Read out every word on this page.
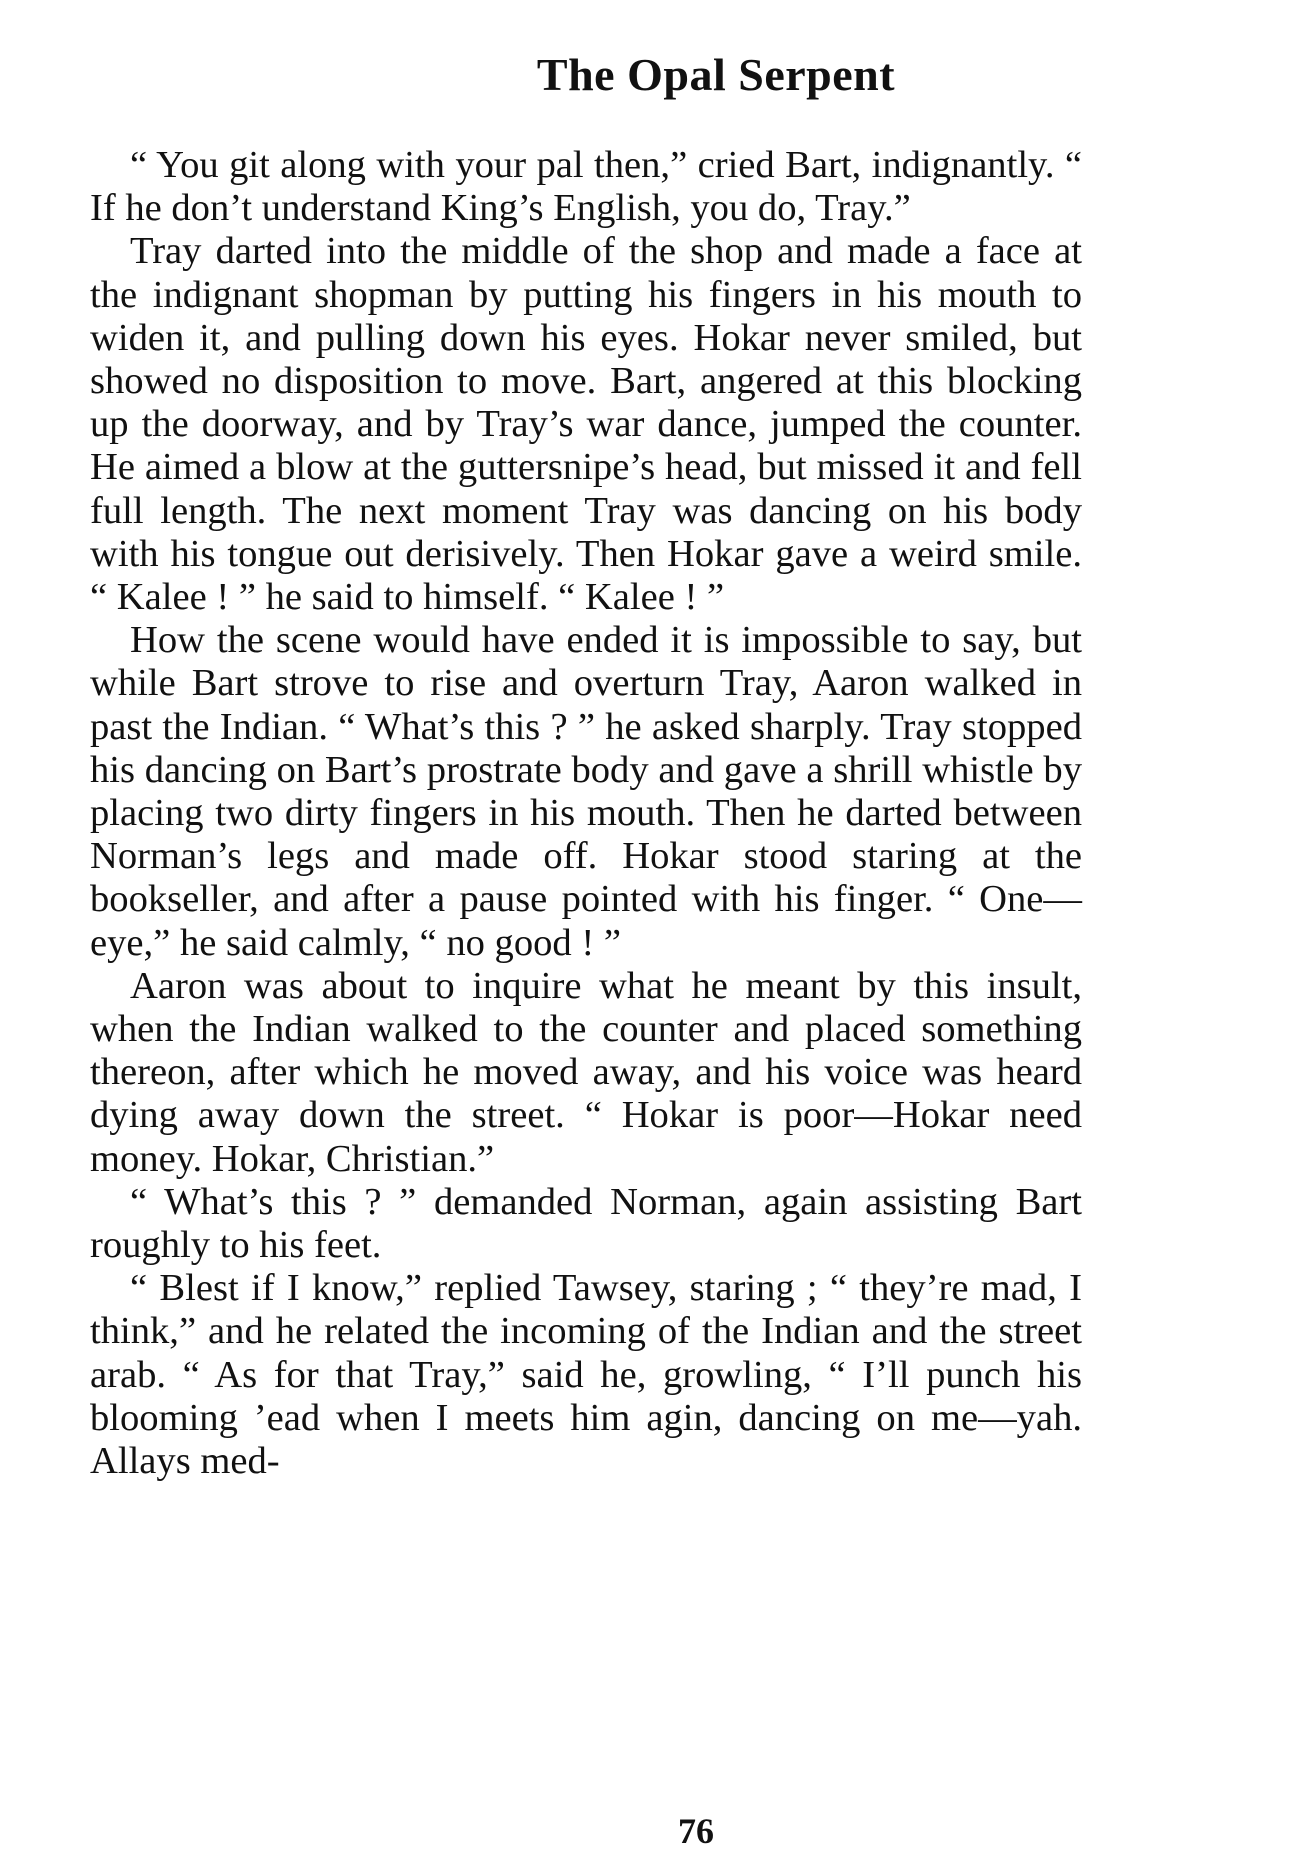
The Opal Serpent

“ You git along with your pal then,” cried Bart, indignantly. “ If he don’t understand King’s English, you do, Tray.”

Tray darted into the middle of the shop and made a face at the indignant shopman by putting his fingers in his mouth to widen it, and pulling down his eyes. Hokar never smiled, but showed no disposition to move. Bart, angered at this blocking up the doorway, and by Tray’s war dance, jumped the counter. He aimed a blow at the guttersnipe’s head, but missed it and fell full length. The next moment Tray was dancing on his body with his tongue out derisively. Then Hokar gave a weird smile. “ Kalee ! ” he said to himself. “ Kalee ! ”

How the scene would have ended it is impossible to say, but while Bart strove to rise and overturn Tray, Aaron walked in past the Indian. “ What’s this ? ” he asked sharply. Tray stopped his dancing on Bart’s prostrate body and gave a shrill whistle by placing two dirty fingers in his mouth. Then he darted between Norman’s legs and made off. Hokar stood staring at the bookseller, and after a pause pointed with his finger. “ One—eye,” he said calmly, “ no good ! ”

Aaron was about to inquire what he meant by this insult, when the Indian walked to the counter and placed something thereon, after which he moved away, and his voice was heard dying away down the street. “ Hokar is poor—Hokar need money. Hokar, Christian.”

“ What’s this ? ” demanded Norman, again assisting Bart roughly to his feet.

“ Blest if I know,” replied Tawsey, staring ; “ they’re mad, I think,” and he related the incoming of the Indian and the street arab. “ As for that Tray,” said he, growling, “ I’ll punch his blooming ’ead when I meets him agin, dancing on me—yah. Allays med-

76
